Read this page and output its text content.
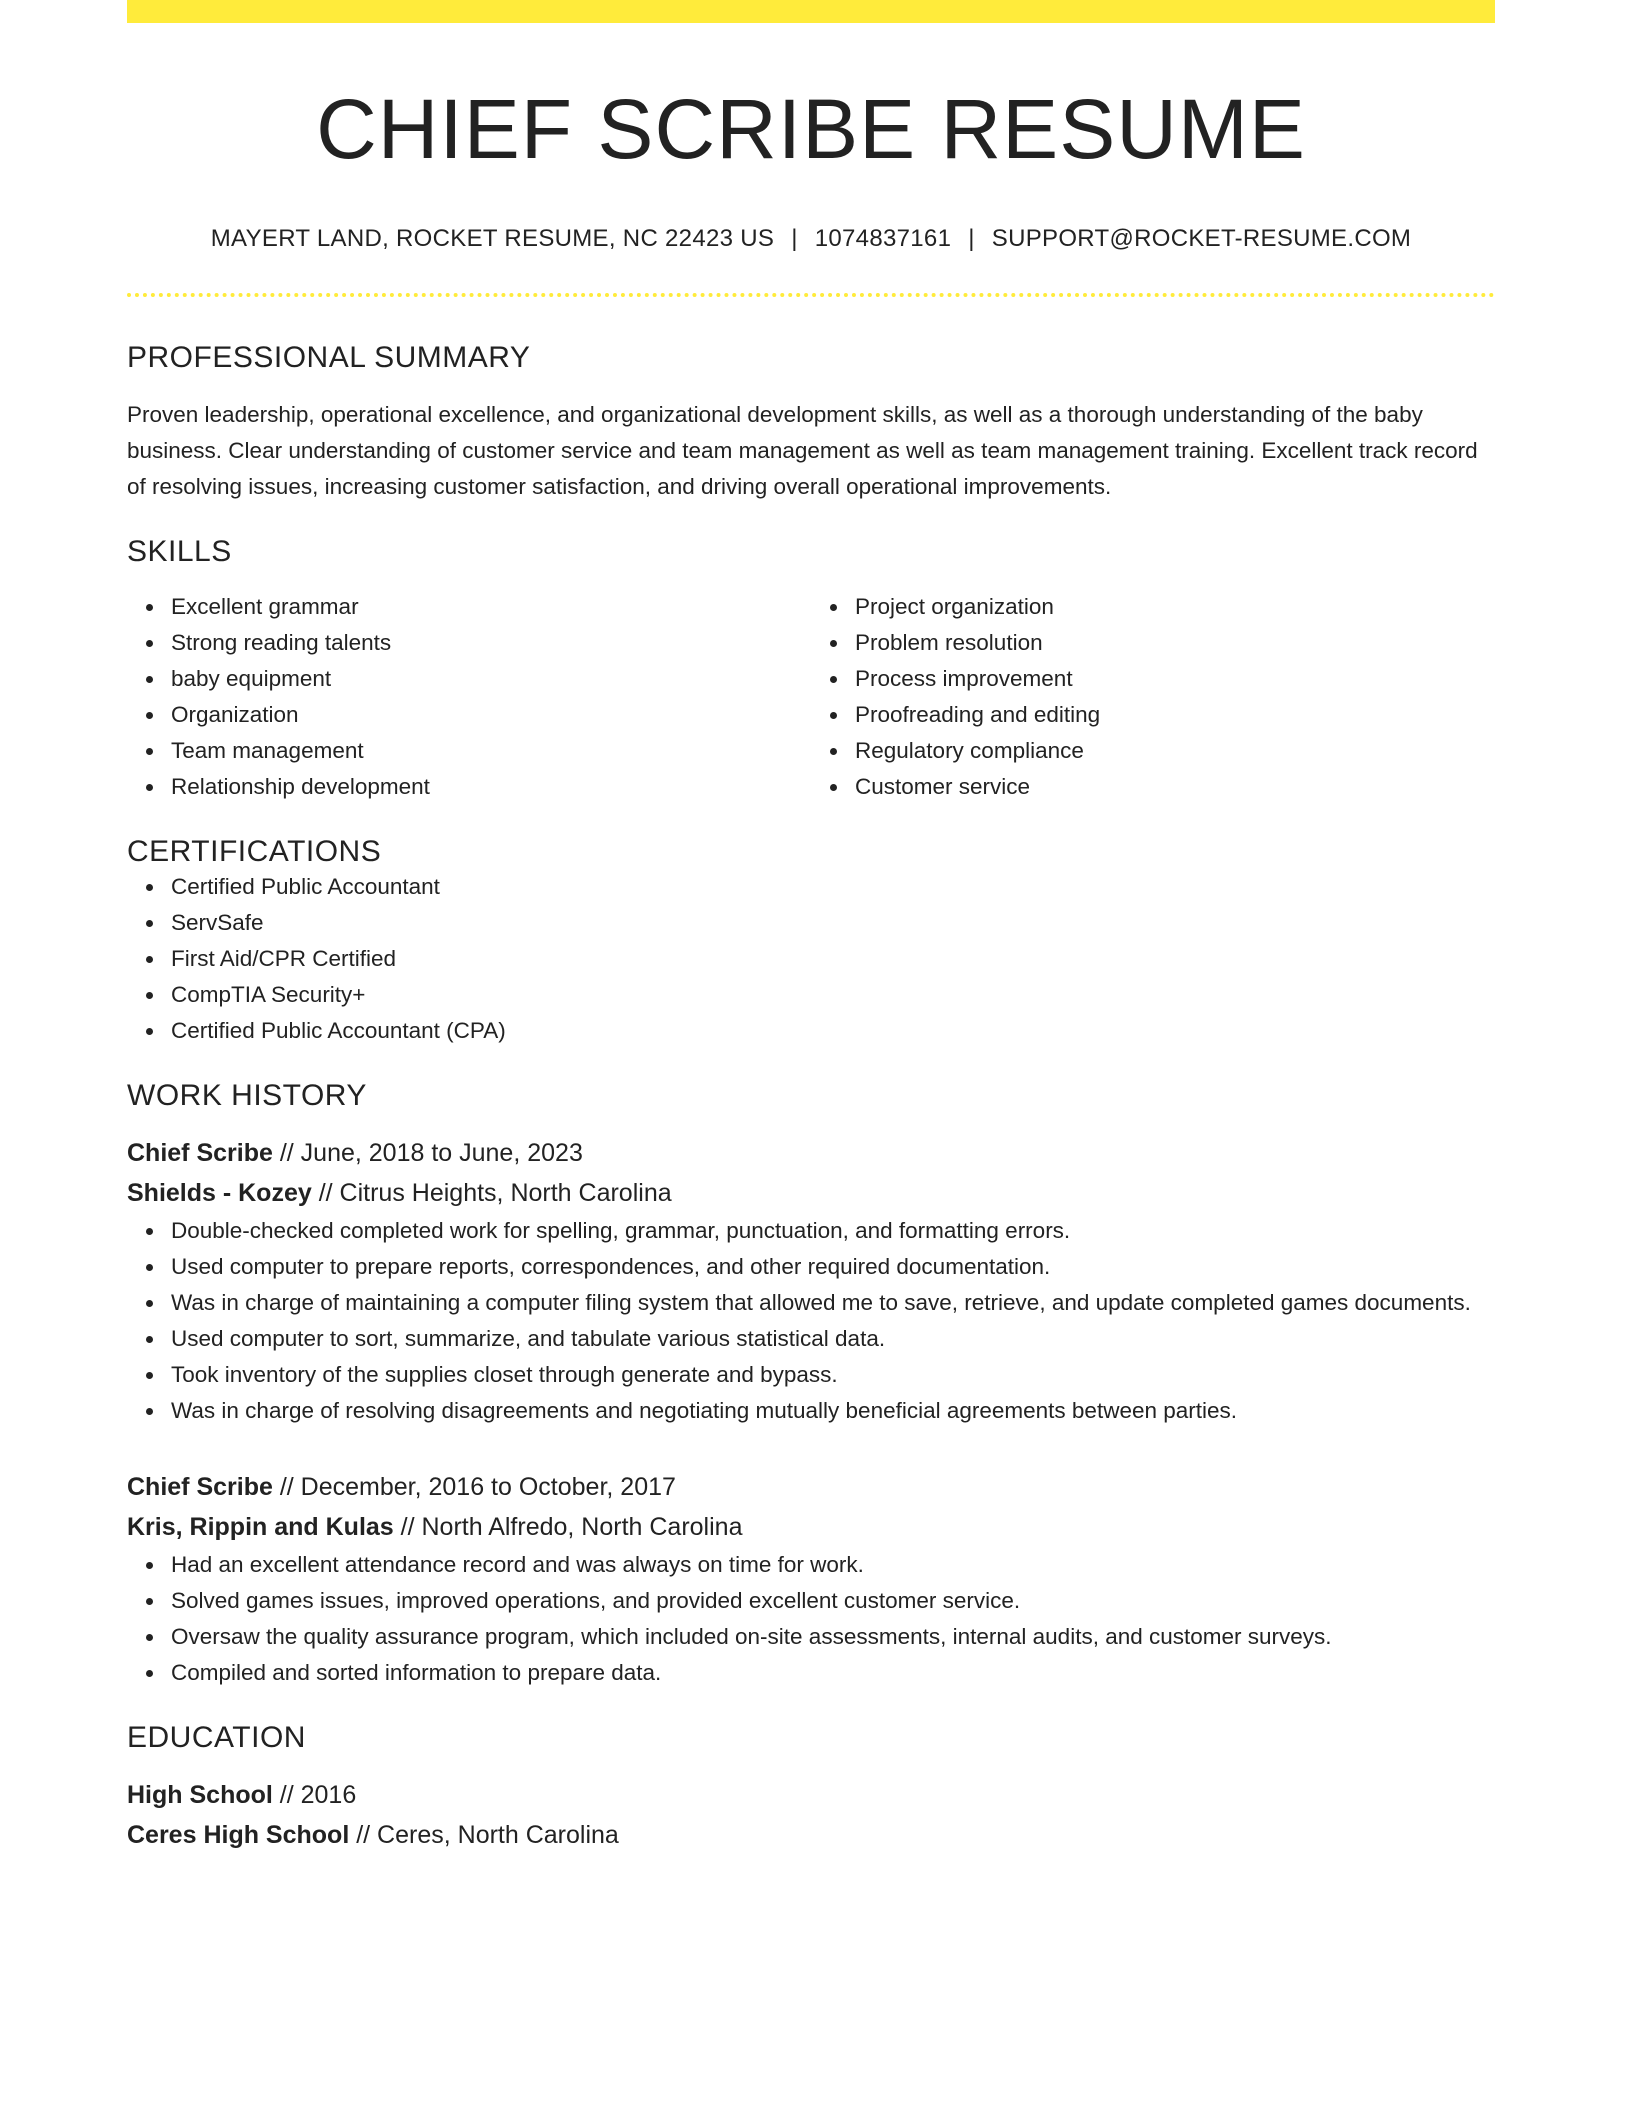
CHIEF SCRIBE RESUME
MAYERT LAND, ROCKET RESUME, NC 22423 US | 1074837161 | SUPPORT@ROCKET-RESUME.COM
PROFESSIONAL SUMMARY
Proven leadership, operational excellence, and organizational development skills, as well as a thorough understanding of the baby business. Clear understanding of customer service and team management as well as team management training. Excellent track record of resolving issues, increasing customer satisfaction, and driving overall operational improvements.
SKILLS
Excellent grammar
Strong reading talents
baby equipment
Organization
Team management
Relationship development
Project organization
Problem resolution
Process improvement
Proofreading and editing
Regulatory compliance
Customer service
CERTIFICATIONS
Certified Public Accountant
ServSafe
First Aid/CPR Certified
CompTIA Security+
Certified Public Accountant (CPA)
WORK HISTORY
Chief Scribe // June, 2018 to June, 2023
Shields - Kozey // Citrus Heights, North Carolina
Double-checked completed work for spelling, grammar, punctuation, and formatting errors.
Used computer to prepare reports, correspondences, and other required documentation.
Was in charge of maintaining a computer filing system that allowed me to save, retrieve, and update completed games documents.
Used computer to sort, summarize, and tabulate various statistical data.
Took inventory of the supplies closet through generate and bypass.
Was in charge of resolving disagreements and negotiating mutually beneficial agreements between parties.
Chief Scribe // December, 2016 to October, 2017
Kris, Rippin and Kulas // North Alfredo, North Carolina
Had an excellent attendance record and was always on time for work.
Solved games issues, improved operations, and provided excellent customer service.
Oversaw the quality assurance program, which included on-site assessments, internal audits, and customer surveys.
Compiled and sorted information to prepare data.
EDUCATION
High School // 2016
Ceres High School // Ceres, North Carolina
